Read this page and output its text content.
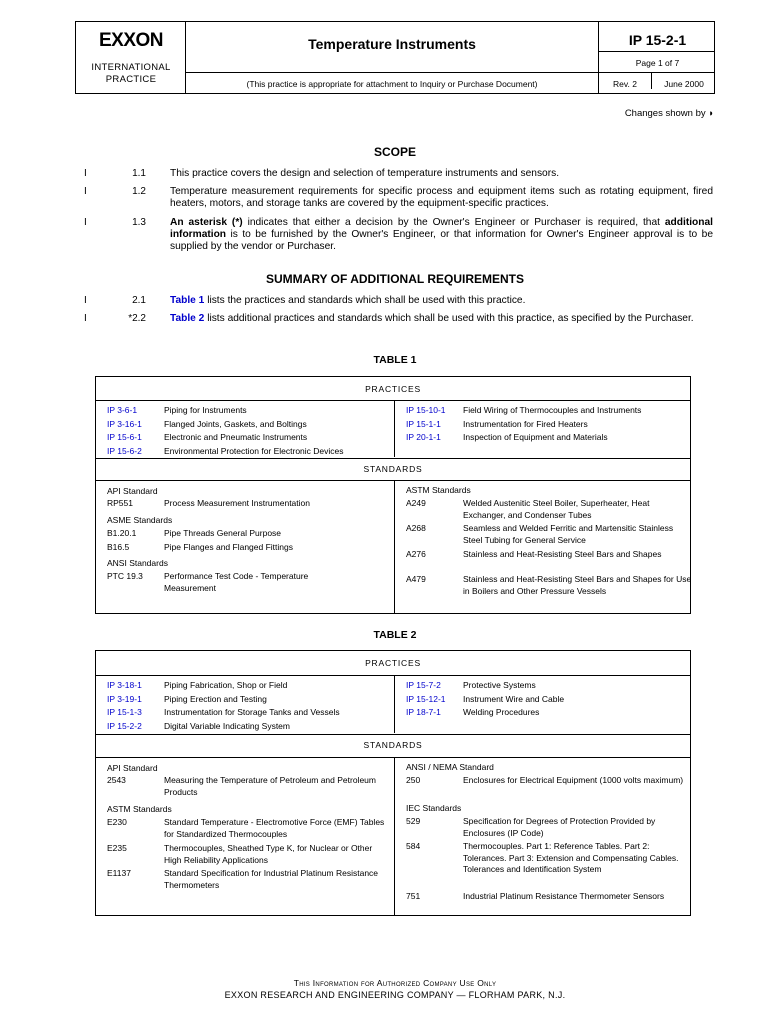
EXXON
INTERNATIONAL
PRACTICE
Temperature Instruments
(This practice is appropriate for attachment to Inquiry or Purchase Document)
IP 15-2-1
Page 1 of 7
Rev. 2	June 2000
Changes shown by ◗
SCOPE
I	1.1 This practice covers the design and selection of temperature instruments and sensors.
I	1.2 Temperature measurement requirements for specific process and equipment items such as rotating equipment, fired heaters, motors, and storage tanks are covered by the equipment-specific practices.
I	1.3 An asterisk (*) indicates that either a decision by the Owner's Engineer or Purchaser is required, that additional information is to be furnished by the Owner's Engineer, or that information for Owner's Engineer approval is to be supplied by the vendor or Purchaser.
SUMMARY OF ADDITIONAL REQUIREMENTS
I	2.1 Table 1 lists the practices and standards which shall be used with this practice.
I	*2.2 Table 2 lists additional practices and standards which shall be used with this practice, as specified by the Purchaser.
TABLE 1
PRACTICES
IP 3-6-1	Piping for Instruments
IP 3-16-1	Flanged Joints, Gaskets, and Boltings
IP 15-6-1	Electronic and Pneumatic Instruments
IP 15-6-2	Environmental Protection for Electronic Devices
IP 15-10-1 Field Wiring of Thermocouples and Instruments
IP 15-1-1	Instrumentation for Fired Heaters
IP 20-1-1	Inspection of Equipment and Materials
STANDARDS
API Standard
RP551	Process Measurement Instrumentation
ASME Standards
B1.20.1	Pipe Threads General Purpose
B16.5	Pipe Flanges and Flanged Fittings
ANSI Standards
PTC 19.3 Performance Test Code - Temperature Measurement
ASTM Standards
A249	Welded Austenitic Steel Boiler, Superheater, Heat Exchanger, and Condenser Tubes
A268	Seamless and Welded Ferritic and Martensitic Stainless Steel Tubing for General Service
A276	Stainless and Heat-Resisting Steel Bars and Shapes
A479	Stainless and Heat-Resisting Steel Bars and Shapes for Use in Boilers and Other Pressure Vessels
TABLE 2
PRACTICES
IP 3-18-1	Piping Fabrication, Shop or Field
IP 3-19-1	Piping Erection and Testing
IP 15-1-3	Instrumentation for Storage Tanks and Vessels
IP 15-2-2	Digital Variable Indicating System
IP 15-7-2	Protective Systems
IP 15-12-1 Instrument Wire and Cable
IP 18-7-1	Welding Procedures
STANDARDS
API Standard
2543	Measuring the Temperature of Petroleum and Petroleum Products
ASTM Standards
E230	Standard Temperature - Electromotive Force (EMF) Tables for Standardized Thermocouples
E235	Thermocouples, Sheathed Type K, for Nuclear or Other High Reliability Applications
E1137	Standard Specification for Industrial Platinum Resistance Thermometers
ANSI / NEMA Standard
250	Enclosures for Electrical Equipment (1000 volts maximum)
IEC Standards
529	Specification for Degrees of Protection Provided by Enclosures (IP Code)
584	Thermocouples. Part 1: Reference Tables. Part 2: Tolerances. Part 3: Extension and Compensating Cables. Tolerances and Identification System
751	Industrial Platinum Resistance Thermometer Sensors
This Information for Authorized Company Use Only
EXXON RESEARCH AND ENGINEERING COMPANY — FLORHAM PARK, N.J.
